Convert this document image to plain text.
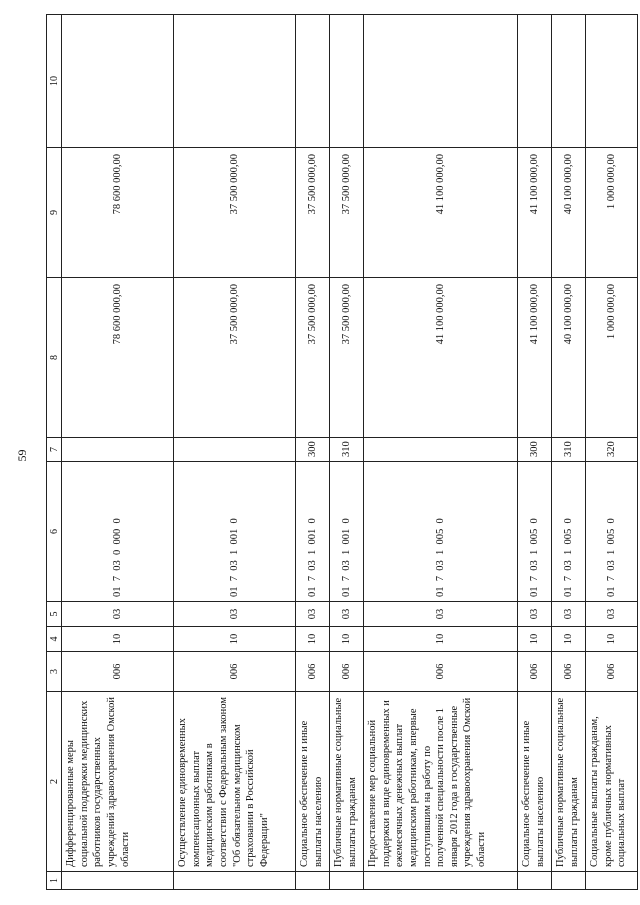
59
1	2	3	4	5	6	7	8	9	10
	Дифференцированные меры социальной поддержки медицинских работников государственных учреждений здравоохранения Омской области	006	10	03	01  7  03  0  000  0		78 600 000,00	78 600 000,00	
	Осуществление единовременных компенсационных выплат медицинским работникам в соответствии с Федеральным законом "Об обязательном медицинском страховании в Российской Федерации"	006	10	03	01  7  03  1  001  0		37 500 000,00	37 500 000,00	
	Социальное обеспечение и иные выплаты населению	006	10	03	01  7  03  1  001  0	300	37 500 000,00	37 500 000,00	
	Публичные нормативные социальные выплаты гражданам	006	10	03	01  7  03  1  001  0	310	37 500 000,00	37 500 000,00	
	Предоставление мер социальной поддержки в виде единовременных и ежемесячных денежных выплат медицинским работникам, впервые поступившим на работу по полученной специальности после 1 января 2012 года в государственные учреждения здравоохранения Омской области	006	10	03	01  7  03  1  005  0		41 100 000,00	41 100 000,00	
	Социальное обеспечение и иные выплаты населению	006	10	03	01  7  03  1  005  0	300	41 100 000,00	41 100 000,00	
	Публичные нормативные социальные выплаты гражданам	006	10	03	01  7  03  1  005  0	310	40 100 000,00	40 100 000,00	
	Социальные выплаты гражданам, кроме публичных нормативных социальных выплат	006	10	03	01  7  03  1  005  0	320	1 000 000,00	1 000 000,00	
